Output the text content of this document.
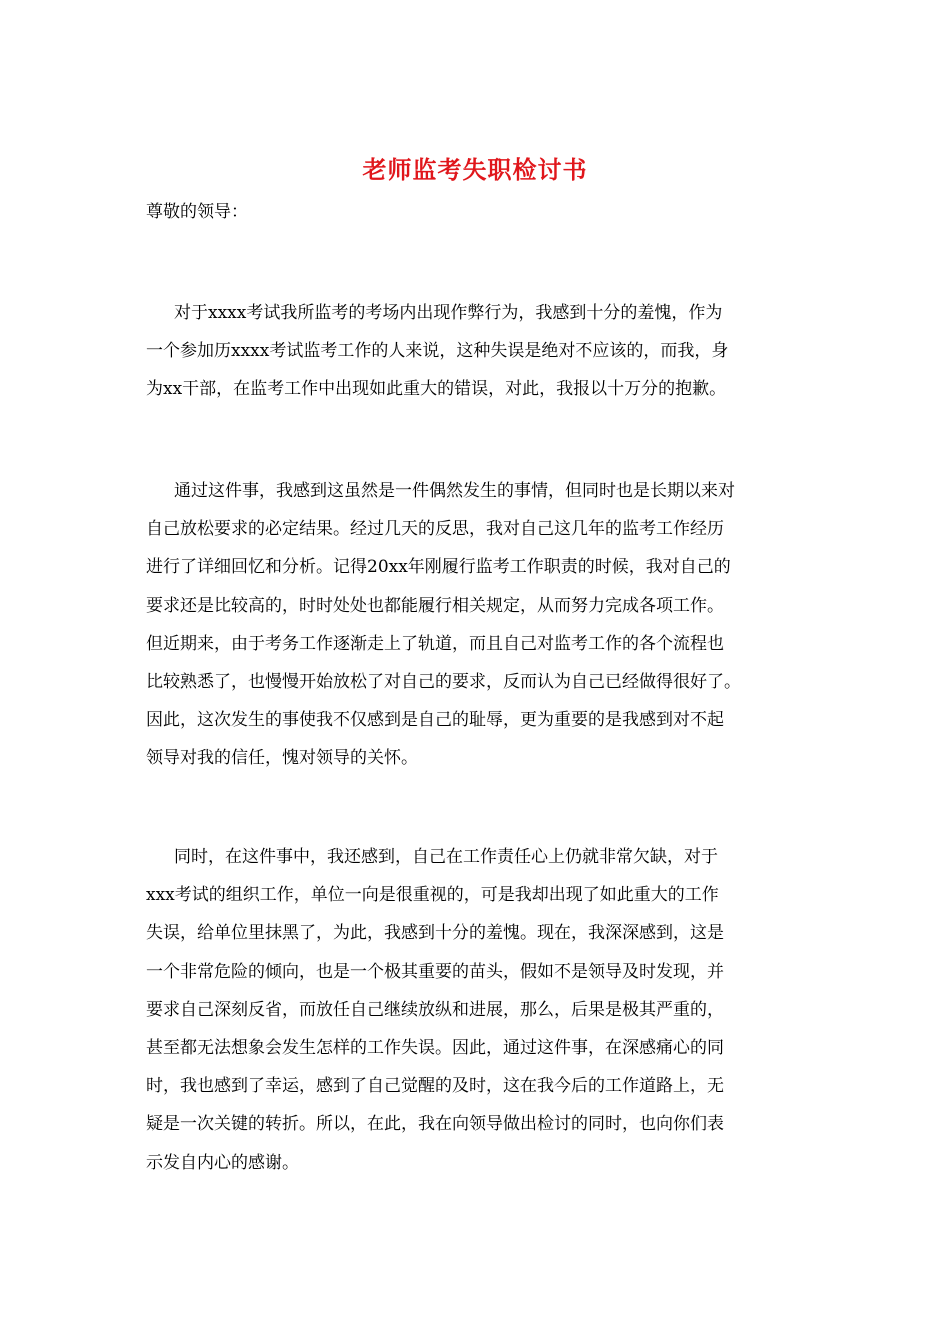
老师监考失职检讨书
尊敬的领导：
对于xxxx考试我所监考的考场内出现作弊行为，我感到十分的羞愧，作为
一个参加历xxxx考试监考工作的人来说，这种失误是绝对不应该的，而我，身
为xx干部，在监考工作中出现如此重大的错误，对此，我报以十万分的抱歉。
通过这件事，我感到这虽然是一件偶然发生的事情，但同时也是长期以来对
自己放松要求的必定结果。经过几天的反思，我对自己这几年的监考工作经历
进行了详细回忆和分析。记得20xx年刚履行监考工作职责的时候，我对自己的
要求还是比较高的，时时处处也都能履行相关规定，从而努力完成各项工作。
但近期来，由于考务工作逐渐走上了轨道，而且自己对监考工作的各个流程也
比较熟悉了，也慢慢开始放松了对自己的要求，反而认为自己已经做得很好了。
因此，这次发生的事使我不仅感到是自己的耻辱，更为重要的是我感到对不起
领导对我的信任，愧对领导的关怀。
同时，在这件事中，我还感到，自己在工作责任心上仍就非常欠缺，对于
xxx考试的组织工作，单位一向是很重视的，可是我却出现了如此重大的工作
失误，给单位里抹黑了，为此，我感到十分的羞愧。现在，我深深感到，这是
一个非常危险的倾向，也是一个极其重要的苗头，假如不是领导及时发现，并
要求自己深刻反省，而放任自己继续放纵和进展，那么，后果是极其严重的，
甚至都无法想象会发生怎样的工作失误。因此，通过这件事，在深感痛心的同
时，我也感到了幸运，感到了自己觉醒的及时，这在我今后的工作道路上，无
疑是一次关键的转折。所以，在此，我在向领导做出检讨的同时，也向你们表
示发自内心的感谢。
